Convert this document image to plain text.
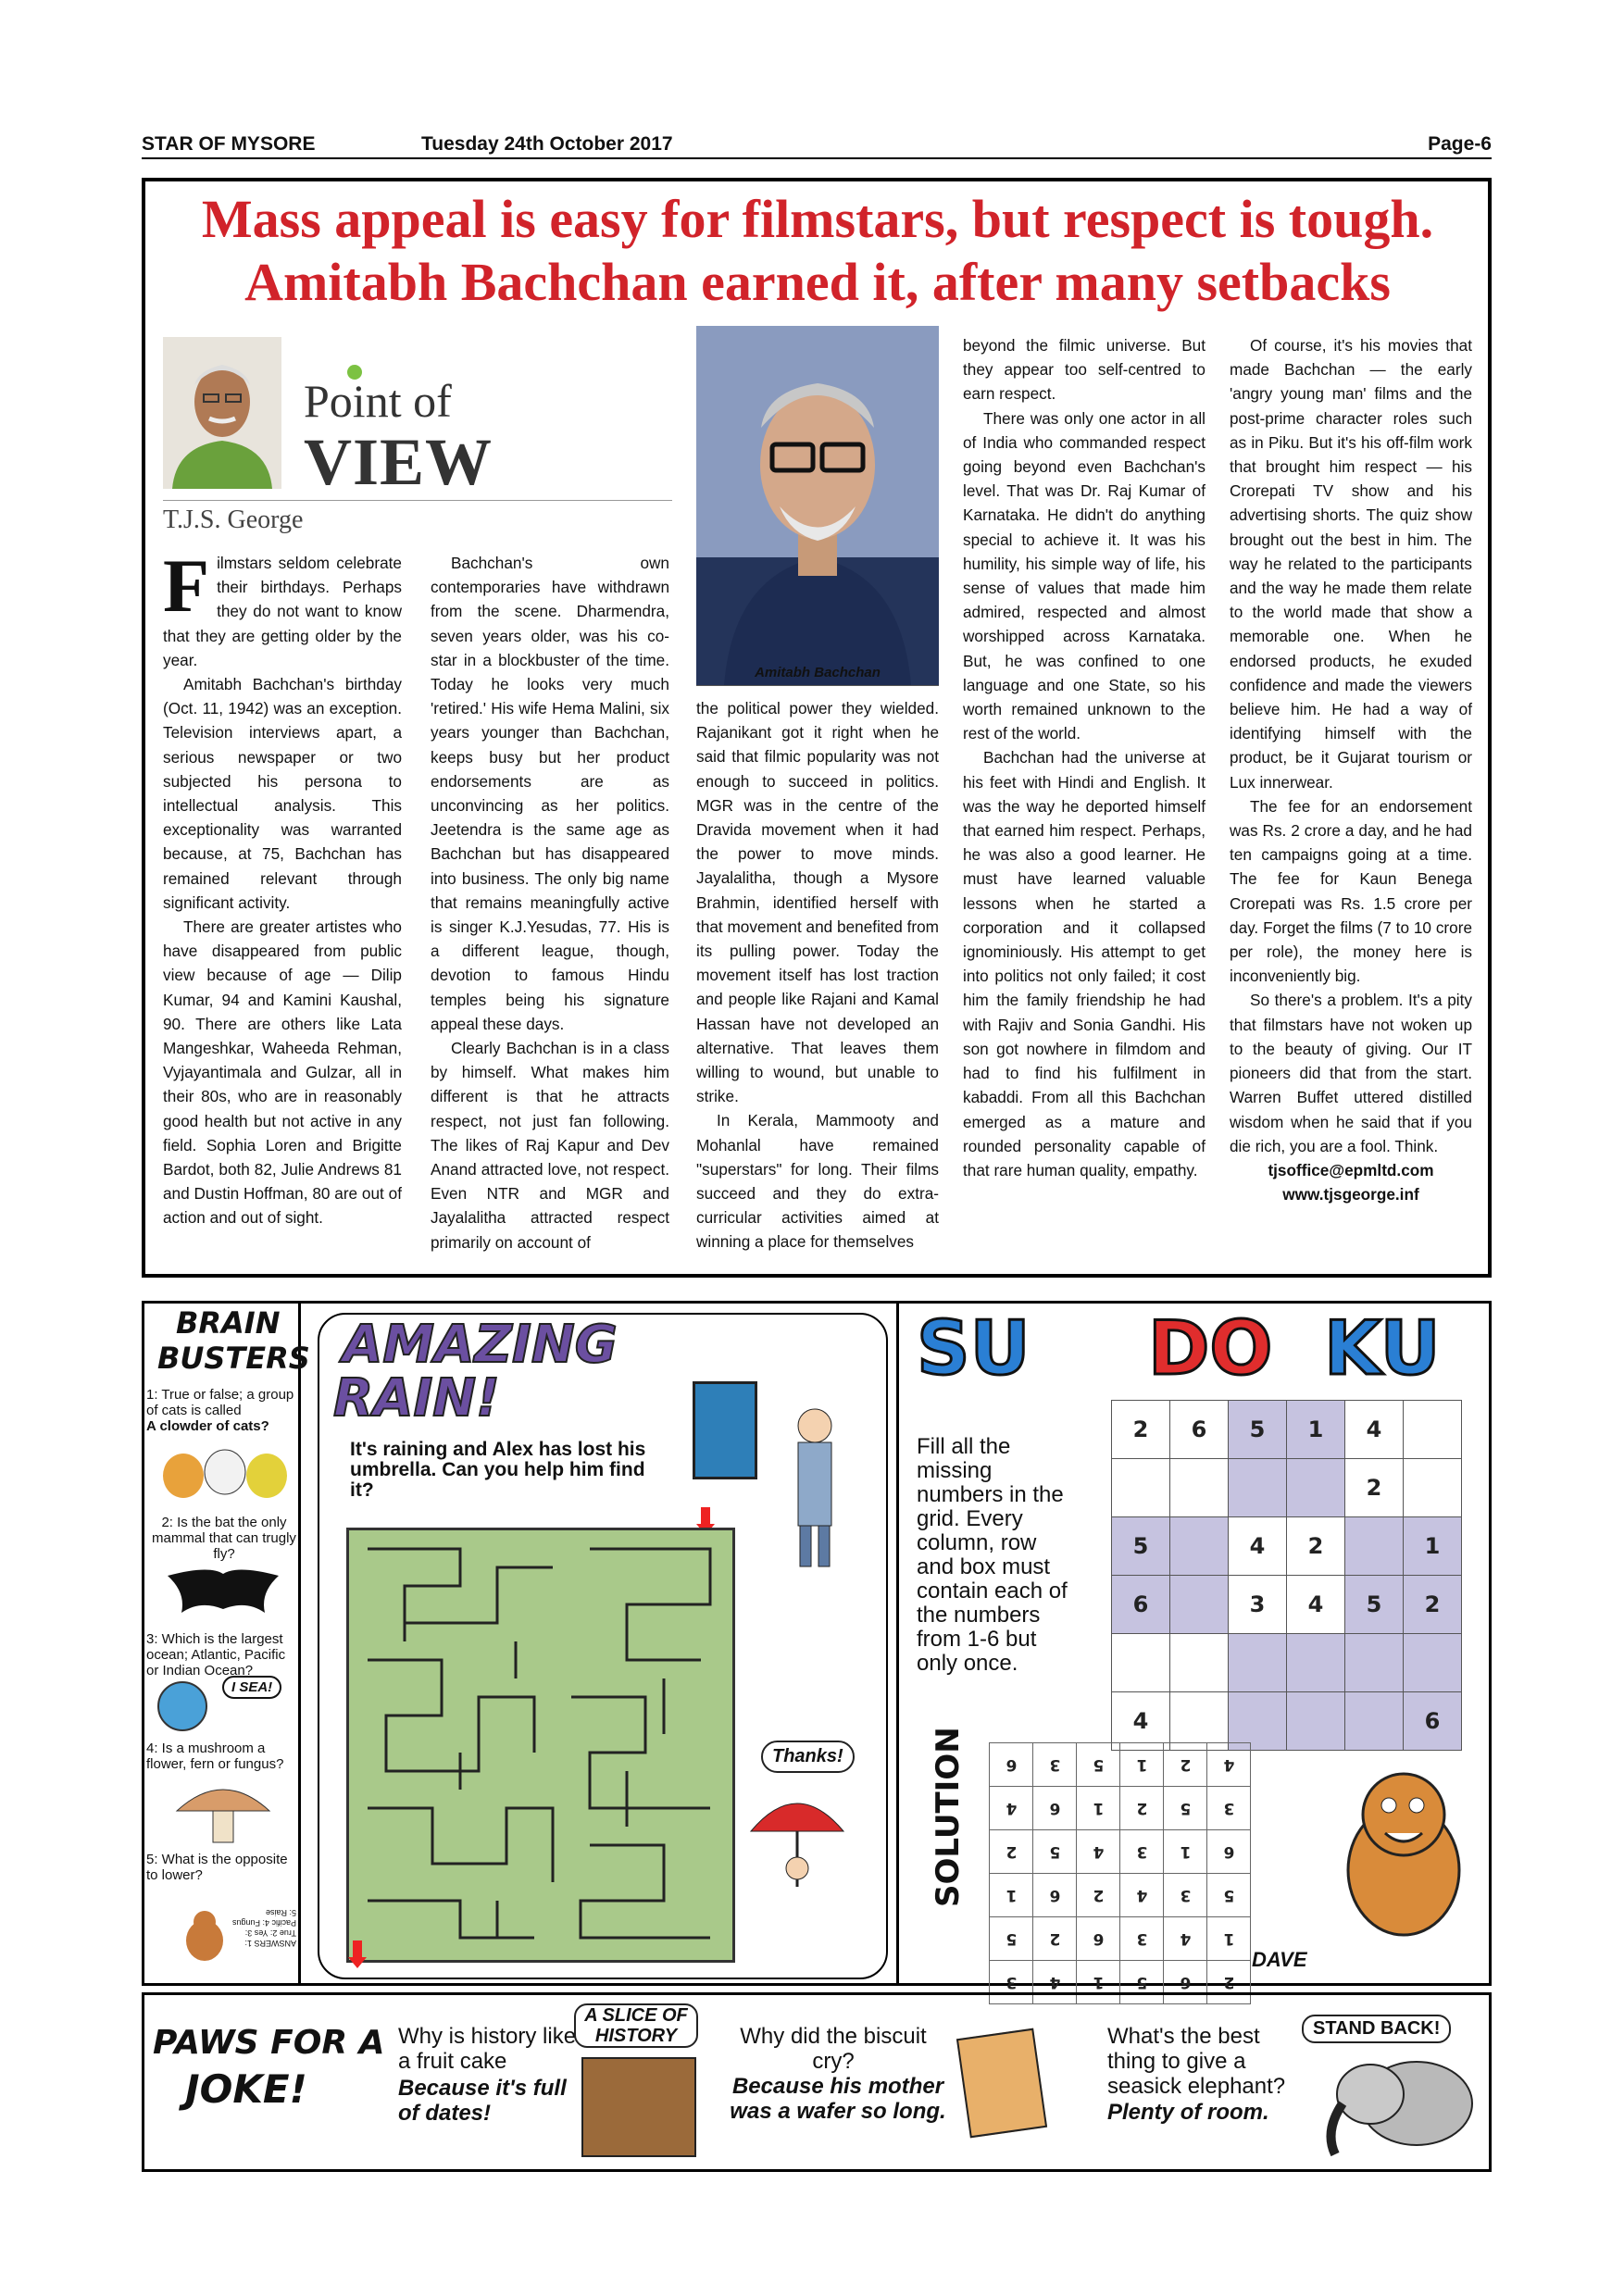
STAR OF MYSORE	Tuesday 24th October 2017	Page-6
Mass appeal is easy for filmstars, but respect is tough.
Amitabh Bachchan earned it, after many setbacks
Point of
VIEW
T.J.S. George

Filmstars seldom celebrate their birthdays. Perhaps they do not want to know that they are getting older by the year.

Amitabh Bachchan's birthday (Oct. 11, 1942) was an exception. Television interviews apart, a serious newspaper or two subjected his persona to intellectual analysis. This exceptionality was warranted because, at 75, Bachchan has remained relevant through significant activity.

There are greater artistes who have disappeared from public view because of age — Dilip Kumar, 94 and Kamini Kaushal, 90. There are others like Lata Mangeshkar, Waheeda Rehman, Vyjayantimala and Gulzar, all in their 80s, who are in reasonably good health but not active in any field. Sophia Loren and Brigitte Bardot, both 82, Julie Andrews 81 and Dustin Hoffman, 80 are out of action and out of sight.

Bachchan's own contemporaries have withdrawn from the scene. Dharmendra, seven years older, was his co-star in a blockbuster of the time. Today he looks very much 'retired.' His wife Hema Malini, six years younger than Bachchan, keeps busy but her product endorsements are as unconvincing as her politics. Jeetendra is the same age as Bachchan but has disappeared into business. The only big name that remains meaningfully active is singer K.J.Yesudas, 77. His is a different league, though, devotion to famous Hindu temples being his signature appeal these days.

Clearly Bachchan is in a class by himself. What makes him different is that he attracts respect, not just fan following. The likes of Raj Kapur and Dev Anand attracted love, not respect. Even NTR and MGR and Jayalalitha attracted respect primarily on account of

Amitabh Bachchan

the political power they wielded. Rajanikant got it right when he said that filmic popularity was not enough to succeed in politics. MGR was in the centre of the Dravida movement when it had the power to move minds. Jayalalitha, though a Mysore Brahmin, identified herself with that movement and benefited from its pulling power. Today the movement itself has lost traction and people like Rajani and Kamal Hassan have not developed an alternative. That leaves them willing to wound, but unable to strike.

In Kerala, Mammooty and Mohanlal have remained "superstars" for long. Their films succeed and they do extra-curricular activities aimed at winning a place for themselves

beyond the filmic universe. But they appear too self-centred to earn respect.

There was only one actor in all of India who commanded respect going beyond even Bachchan's level. That was Dr. Raj Kumar of Karnataka. He didn't do anything special to achieve it. It was his humility, his simple way of life, his sense of values that made him admired, respected and almost worshipped across Karnataka. But, he was confined to one language and one State, so his worth remained unknown to the rest of the world.

Bachchan had the universe at his feet with Hindi and English. It was the way he deported himself that earned him respect. Perhaps, he was also a good learner. He must have learned valuable lessons when he started a corporation and it collapsed ignominiously. His attempt to get into politics not only failed; it cost him the family friendship he had with Rajiv and Sonia Gandhi. His son got nowhere in filmdom and had to find his fulfilment in kabaddi. From all this Bachchan emerged as a mature and rounded personality capable of that rare human quality, empathy.

Of course, it's his movies that made Bachchan — the early 'angry young man' films and the post-prime character roles such as in Piku. But it's his off-film work that brought him respect — his Crorepati TV show and his advertising shorts. The quiz show brought out the best in him. The way he related to the participants and the way he made them relate to the world made that show a memorable one. When he endorsed products, he exuded confidence and made the viewers believe him. He had a way of identifying himself with the product, be it Gujarat tourism or Lux innerwear.

The fee for an endorsement was Rs. 2 crore a day, and he had ten campaigns going at a time. The fee for Kaun Benega Crorepati was Rs. 1.5 crore per day. Forget the films (7 to 10 crore per role), the money here is inconveniently big.

So there's a problem. It's a pity that filmstars have not woken up to the beauty of giving. Our IT pioneers did that from the start. Warren Buffet uttered distilled wisdom when he said that if you die rich, you are a fool. Think.

tjsoffice@epmltd.com

www.tjsgeorge.inf

BRAIN
BUSTERS
1: True or false; a group of cats is called
A clowder of cats?
2: Is the bat the only mammal that can trugly fly?
3: Which is the largest ocean; Atlantic, Pacific or Indian Ocean?
I SEA!
4: Is a mushroom a flower, fern or fungus?
5: What is the opposite to lower?
ANSWERS 1: True 2: Yes 3: Pacific 4: Fungus 5: Raise
AMAZING
RAIN!
It's raining and Alex has lost his umbrella. Can you help him find it?
Thanks!
SU DO KU
Fill all the missing numbers in the grid. Every column, row and box must contain each of the numbers from 1-6 but only once.
2	6	5	1	4	
				2	
5		4	2		1
6		3	4	5	2

4					6
SOLUTION 6	3	5	1	2	4
4	6	1	2	5	3
2	5	4	3	1	6
1	6	2	4	3	5
5	2	6	3	4	1
3	4	1	5	6	2
DAVE
PAWS FOR A
JOKE!
Why is history like a fruit cake
Because it's full of dates!
A SLICE OF HISTORY	Why did the biscuit cry?
Because his mother was a wafer so long.
What's the best thing to give a seasick elephant?
Plenty of room.
STAND BACK!
